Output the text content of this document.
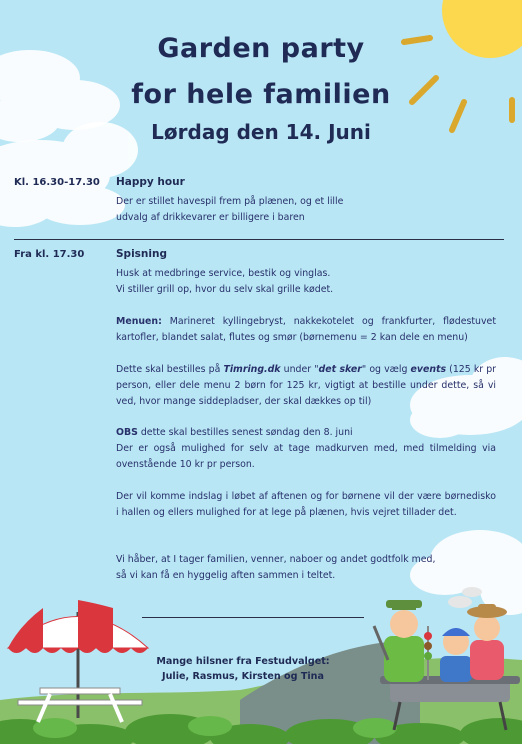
Garden party
for hele familien
Lørdag den 14. Juni
Kl. 16.30-17.30 Happy hour

Der er stillet havespil frem på plænen, og et lille

udvalg af drikkevarer er billigere i baren

Fra kl. 17.30	Spisning

Husk at medbringe service, bestik og vinglas.

Vi stiller grill op, hvor du selv skal grille kødet.

Menuen: Marineret kyllingebryst, nakkekotelet og frankfurter, flødestuvet kartofler, blandet salat, flutes og smør (børnemenu = 2 kan dele en menu)
Dette skal bestilles på Timring.dk under "det sker" og vælg events (125 kr pr person, eller dele menu 2 børn for 125 kr, vigtigt at bestille under dette, så vi ved, hvor mange siddepladser, der skal dækkes op til)

OBS dette skal bestilles senest søndag den 8. juni

Der er også mulighed for selv at tage madkurven med, med tilmelding via ovenstående 10 kr pr person.

Der vil komme indslag i løbet af aftenen og for børnene vil der være børnedisko i hallen og ellers mulighed for at lege på plænen, hvis vejret tillader det.

Vi håber, at I tager familien, venner, naboer og andet godtfolk med,

så vi kan få en hyggelig aften sammen i teltet.

Mange hilsner fra Festudvalget:
Julie, Rasmus, Kirsten og Tina
